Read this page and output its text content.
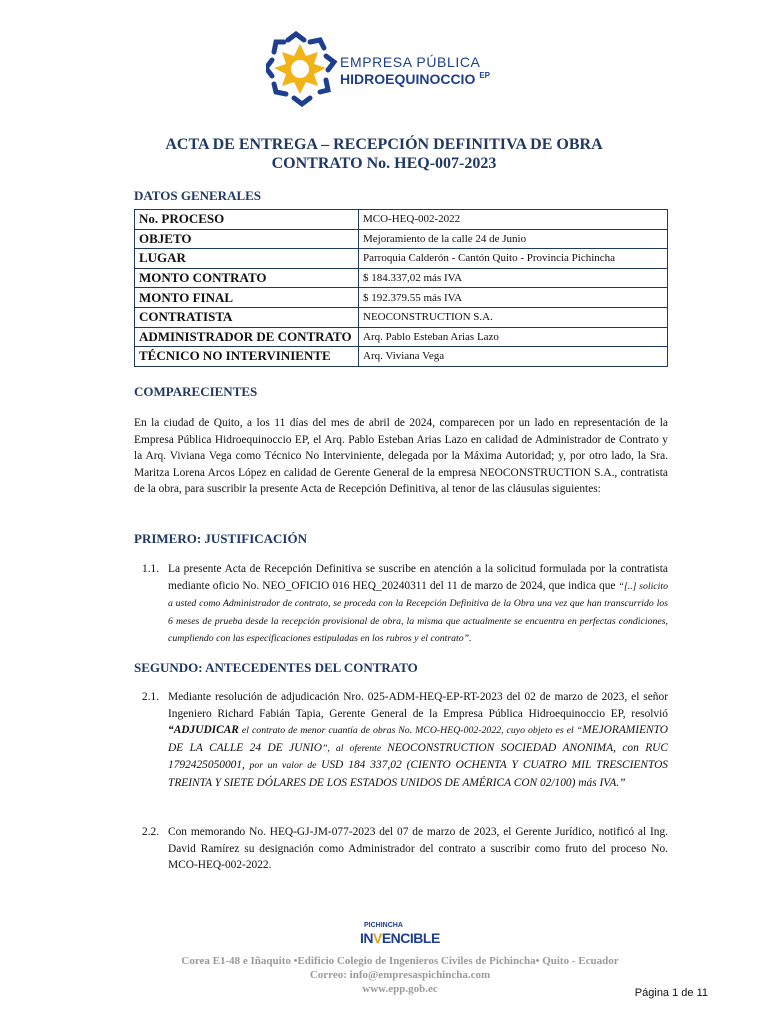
EMPRESA PÚBLICA
HIDROEQUINOCCIO $^{EP}$
ACTA DE ENTREGA – RECEPCIÓN DEFINITIVA DE OBRA
CONTRATO No. HEQ-007-2023
DATOS GENERALES
No. PROCESO	MCO-HEQ-002-2022
OBJETO	Mejoramiento de la calle 24 de Junio
LUGAR	Parroquia Calderón - Cantón Quito - Provincia Pichincha
MONTO CONTRATO	$ 184.337,02 más IVA
MONTO FINAL	$ 192.379.55 más IVA
CONTRATISTA	NEOCONSTRUCTION S.A.
ADMINISTRADOR DE CONTRATO	Arq. Pablo Esteban Arias Lazo
TÉCNICO NO INTERVINIENTE	Arq. Viviana Vega
COMPARECIENTES
En la ciudad de Quito, a los 11 días del mes de abril de 2024, comparecen por un lado en representación de la Empresa Pública Hidroequinoccio EP, el Arq. Pablo Esteban Arias Lazo en calidad de Administrador de Contrato y la Arq. Viviana Vega como Técnico No Interviniente, delegada por la Máxima Autoridad; y, por otro lado, la Sra. Maritza Lorena Arcos López en calidad de Gerente General de la empresa NEOCONSTRUCTION S.A., contratista de la obra, para suscribir la presente Acta de Recepción Definitiva, al tenor de las cláusulas siguientes:
PRIMERO: JUSTIFICACIÓN
1.1. La presente Acta de Recepción Definitiva se suscribe en atención a la solicitud formulada por la contratista mediante oficio No. NEO_OFICIO 016 HEQ_20240311 del 11 de marzo de 2024, que indica que “[..] solicito a usted como Administrador de contrato, se proceda con la Recepción Definitiva de la Obra una vez que han transcurrido los 6 meses de prueba desde la recepción provisional de obra, la misma que actualmente se encuentra en perfectas condiciones, cumpliendo con las especificaciones estipuladas en los rubros y el contrato”.
SEGUNDO: ANTECEDENTES DEL CONTRATO
2.1. Mediante resolución de adjudicación Nro. 025-ADM-HEQ-EP-RT-2023 del 02 de marzo de 2023, el señor Ingeniero Richard Fabián Tapia, Gerente General de la Empresa Pública Hidroequinoccio EP, resolvió “ADJUDICAR el contrato de menor cuantía de obras No. MCO-HEQ-002-2022, cuyo objeto es el “MEJORAMIENTO DE LA CALLE 24 DE JUNIO”, al oferente NEOCONSTRUCTION SOCIEDAD ANONIMA, con RUC 1792425050001, por un valor de USD 184 337,02 (CIENTO OCHENTA Y CUATRO MIL TRESCIENTOS TREINTA Y SIETE DÓLARES DE LOS ESTADOS UNIDOS DE AMÉRICA CON 02/100) más IVA.”
2.2. Con memorando No. HEQ-GJ-JM-077-2023 del 07 de marzo de 2023, el Gerente Jurídico, notificó al Ing. David Ramírez su designación como Administrador del contrato a suscribir como fruto del proceso No. MCO-HEQ-002-2022.
PICHINCHA
INVENCIBLE
Corea E1-48 e Iñaquito •Edificio Colegio de Ingenieros Civiles de Pichincha• Quito - Ecuador
Correo: info@empresaspichincha.com
www.epp.gob.ec	Página 1 de 11
